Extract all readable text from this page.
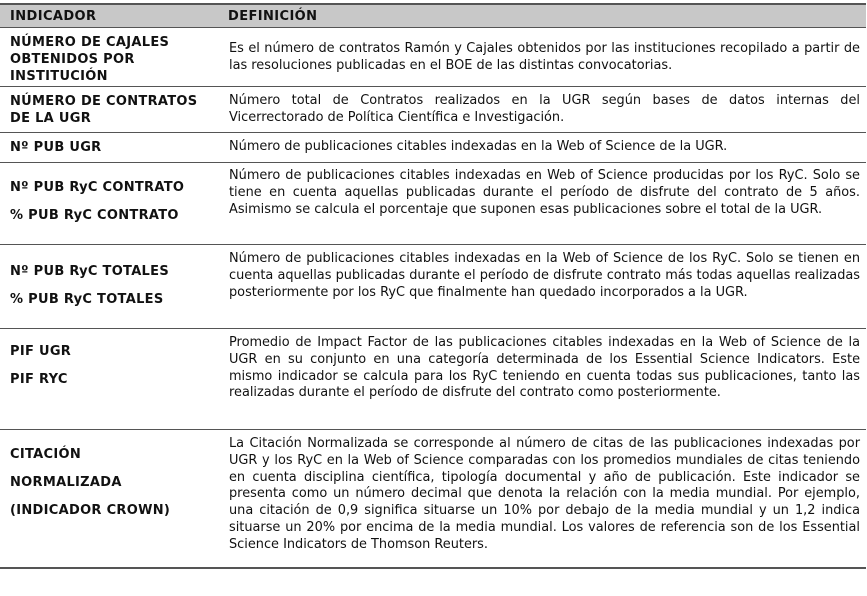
INDICADOR	DEFINICIÓN
NÚMERO DE CAJALES
OBTENIDOS POR
INSTITUCIÓN
Es el número de contratos Ramón y Cajales obtenidos por las instituciones recopilado a partir de las resoluciones publicadas en el BOE de las distintas convocatorias.
NÚMERO DE CONTRATOS
DE LA UGR
Número total de Contratos realizados en la UGR según bases de datos internas del Vicerrectorado de Política Científica e Investigación.
Nº PUB UGR	Número de publicaciones citables indexadas en la Web of Science de la UGR.
Nº PUB RyC CONTRATO
% PUB RyC CONTRATO
Número de publicaciones citables indexadas en Web of Science producidas por los RyC. Solo se tiene en cuenta aquellas publicadas durante el período de disfrute del contrato de 5 años. Asimismo se calcula el porcentaje que suponen esas publicaciones sobre el total de la UGR.
Nº PUB RyC TOTALES
% PUB RyC TOTALES
Número de publicaciones citables indexadas en la Web of Science de los RyC. Solo se tienen en cuenta aquellas publicadas durante el período de disfrute contrato más todas aquellas realizadas posteriormente por los RyC que finalmente han quedado incorporados a la UGR.
PIF UGR
PIF RYC
Promedio de Impact Factor de las publicaciones citables indexadas en la Web of Science de la UGR en su conjunto en una categoría determinada de los Essential Science Indicators. Este mismo indicador se calcula para los RyC teniendo en cuenta todas sus publicaciones, tanto las realizadas durante el período de disfrute del contrato como posteriormente.
CITACIÓN
NORMALIZADA
(INDICADOR CROWN)
La Citación Normalizada se corresponde al número de citas de las publicaciones indexadas por UGR y los RyC en la Web of Science comparadas con los promedios mundiales de citas teniendo en cuenta disciplina científica, tipología documental y año de publicación. Este indicador se presenta como un número decimal que denota la relación con la media mundial. Por ejemplo, una citación de 0,9 significa situarse un 10% por debajo de la media mundial y un 1,2 indica situarse un 20% por encima de la media mundial. Los valores de referencia son de los Essential Science Indicators de Thomson Reuters.
